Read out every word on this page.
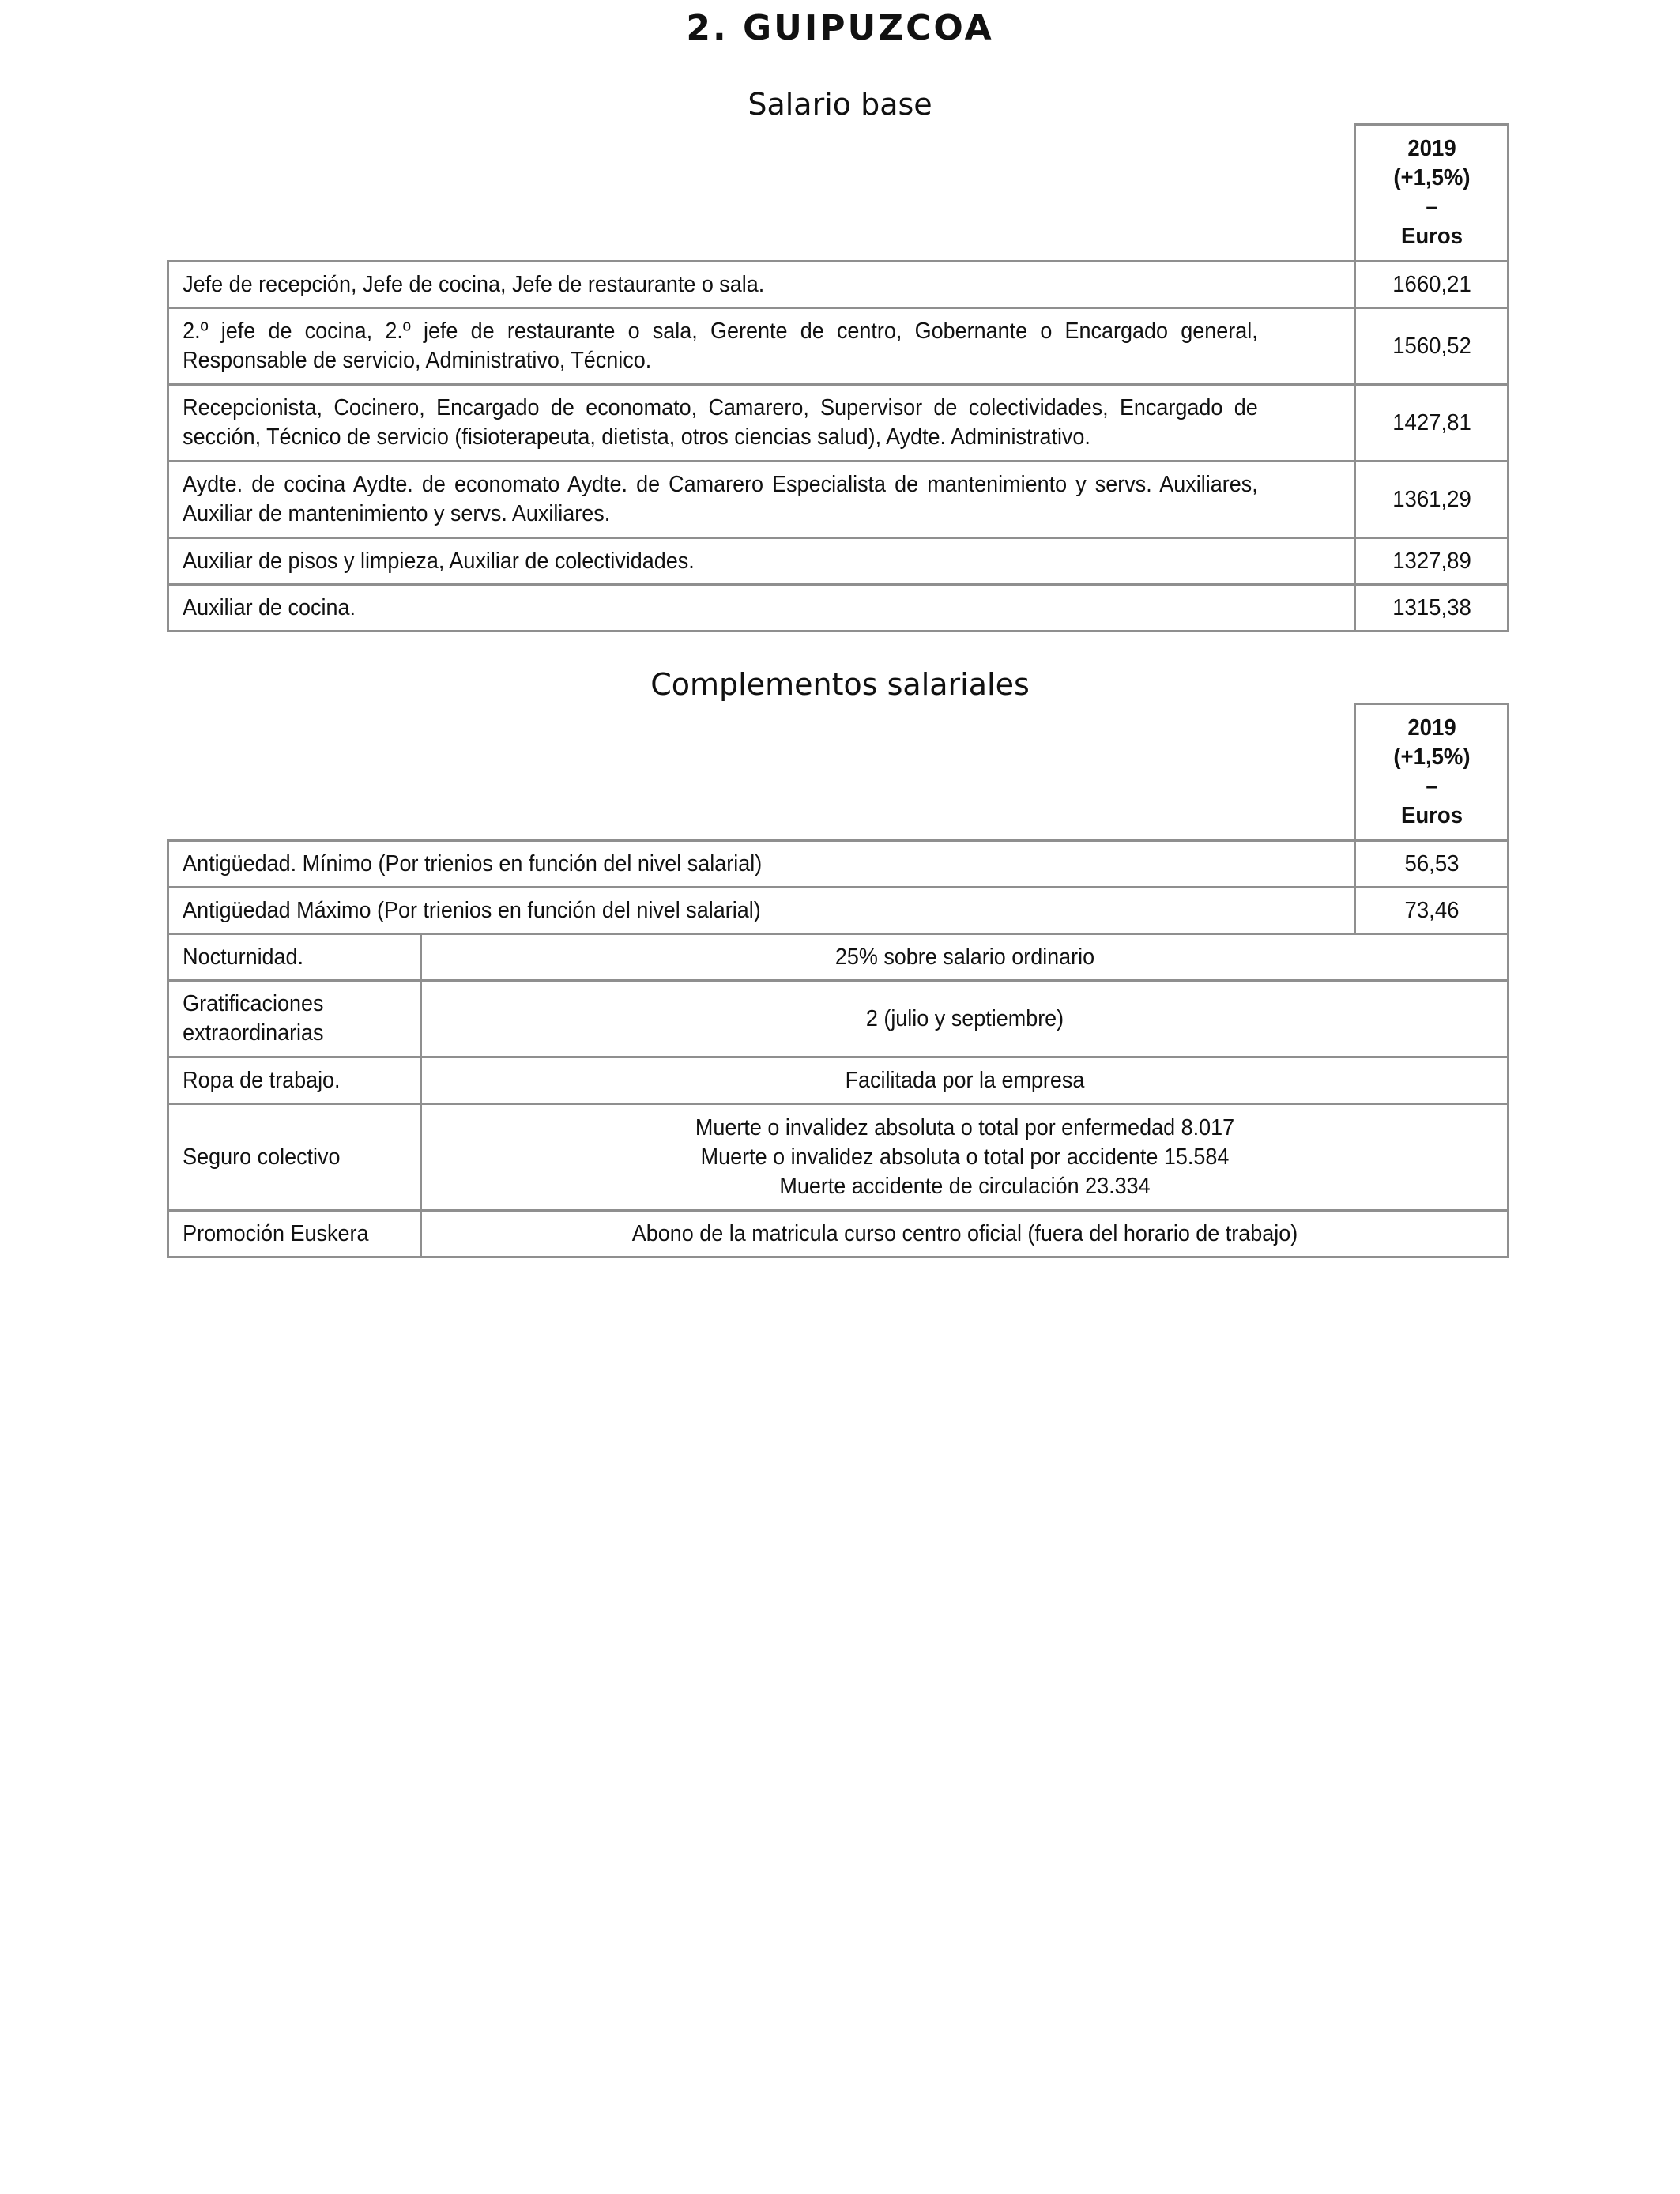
2. GUIPUZCOA
Salario base

	2019
(+1,5%)
–
Euros

Jefe de recepción, Jefe de cocina, Jefe de restaurante o sala.	1660,21
2.º jefe de cocina, 2.º jefe de restaurante o sala, Gerente de centro, Gobernante o Encargado general, Responsable de servicio, Administrativo, Técnico.	1560,52
Recepcionista, Cocinero, Encargado de economato, Camarero, Supervisor de colectividades, Encargado de sección, Técnico de servicio (fisioterapeuta, dietista, otros ciencias salud), Aydte. Administrativo.	1427,81
Aydte. de cocina Aydte. de economato Aydte. de Camarero Especialista de mantenimiento y servs. Auxiliares, Auxiliar de mantenimiento y servs. Auxiliares.	1361,29
Auxiliar de pisos y limpieza, Auxiliar de colectividades.	1327,89
Auxiliar de cocina.	1315,38
Complementos salariales

		2019
(+1,5%)
–
Euros

Antigüedad. Mínimo (Por trienios en función del nivel salarial)		56,53
Antigüedad Máximo (Por trienios en función del nivel salarial)		73,46
Nocturnidad.	25% sobre salario ordinario	
Gratificaciones extraordinarias	2 (julio y septiembre)	
Ropa de trabajo.	Facilitada por la empresa	
Seguro colectivo	Muerte o invalidez absoluta o total por enfermedad 8.017
Muerte o invalidez absoluta o total por accidente 15.584
Muerte accidente de circulación 23.334	

Promoción Euskera	Abono de la matricula curso centro oficial (fuera del horario de trabajo)	
